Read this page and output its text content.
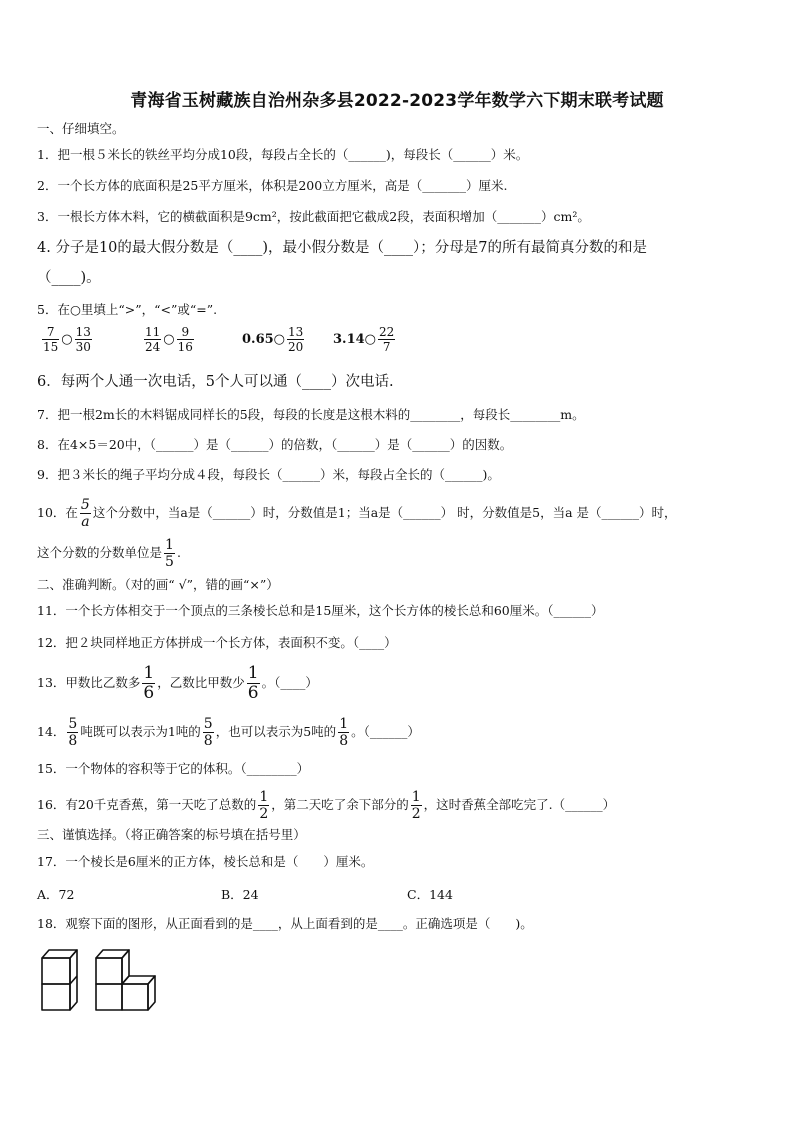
青海省玉树藏族自治州杂多县2022-2023学年数学六下期末联考试题
一、仔细填空。
1．把一根５米长的铁丝平均分成10段，每段占全长的（______)，每段长（______）米。
2．一个长方体的底面积是25平方厘米，体积是200立方厘米，高是（_______）厘米.
3．一根长方体木料，它的横截面积是9cm²，按此截面把它截成2段，表面积增加（_______）cm²。
4. 分子是10的最大假分数是（____)，最小假分数是（____）；分母是7的所有最简真分数的和是
（____)。
5．在○里填上“>”，“<”或“=”.
$\frac{7}{15}$ ○ $\frac{13}{30}$	$\frac{11}{24}$ ○ $\frac{9}{16}$	0.65○ $\frac{13}{20}$ 3.14○ $\frac{22}{7}$
6．每两个人通一次电话，5个人可以通（____）次电话.
7．把一根2m长的木料锯成同样长的5段，每段的长度是这根木料的________，每段长________m。
8．在4×5＝20中，（______）是（______）的倍数，（______）是（______）的因数。
9．把３米长的绳子平均分成４段，每段长（______）米，每段占全长的（______)。
10．在 $\frac{5}{a}$ 这个分数中，当a是（______）时，分数值是1；当a是（______） 时，分数值是5，当a 是（______）时，
这个分数的分数单位是 $\frac{1}{5}$ .
二、准确判断。（对的画“ √”，错的画“×”）
11．一个长方体相交于一个顶点的三条棱长总和是15厘米，这个长方体的棱长总和60厘米。（______）
12．把２块同样地正方体拼成一个长方体，表面积不变。（____）
13．甲数比乙数多 $\frac{1}{6}$ ，乙数比甲数少 $\frac{1}{6}$ 。（____）
14． $\frac{5}{8}$ 吨既可以表示为1吨的 $\frac{5}{8}$ ，也可以表示为5吨的 $\frac{1}{8}$ 。（______）
15．一个物体的容积等于它的体积。（________）
16．有20千克香蕉，第一天吃了总数的 $\frac{1}{2}$ ，第二天吃了余下部分的 $\frac{1}{2}$ ，这时香蕉全部吃完了.（______）
三、谨慎选择。（将正确答案的标号填在括号里）
17．一个棱长是6厘米的正方体，棱长总和是（　　）厘米。
A．72	B．24	C．144
18．观察下面的图形，从正面看到的是____，从上面看到的是____。正确选项是（　　)。
